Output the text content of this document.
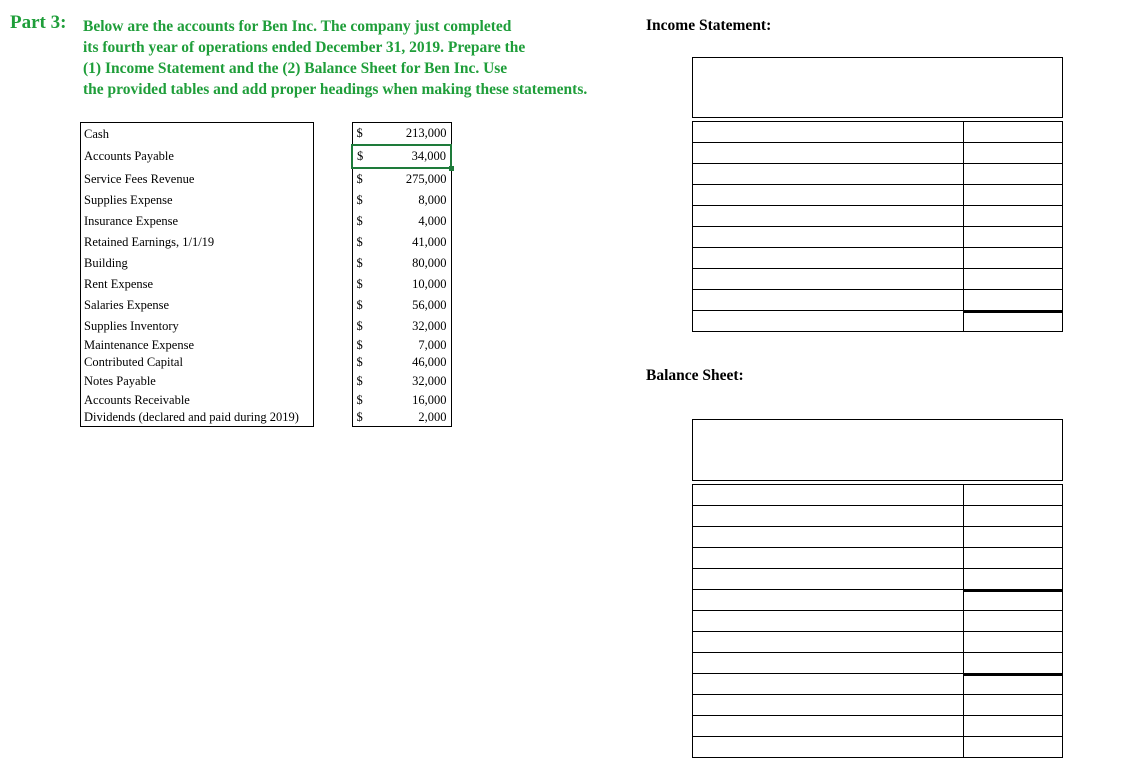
Part 3: Below are the accounts for Ben Inc. The company just completed
its fourth year of operations ended December 31, 2019. Prepare the
(1) Income Statement and the (2) Balance Sheet for Ben Inc. Use
the provided tables and add proper headings when making these statements.
Cash		$	213,000
Accounts Payable		$	34,000
Service Fees Revenue		$	275,000
Supplies Expense		$	8,000
Insurance Expense		$	4,000
Retained Earnings, 1/1/19		$	41,000
Building		$	80,000
Rent Expense		$	10,000
Salaries Expense		$	56,000
Supplies Inventory		$	32,000
Maintenance Expense		$	7,000
Contributed Capital		$	46,000
Notes Payable		$	32,000
Accounts Receivable		$	16,000
Dividends (declared and paid during 2019)		$	2,000
Income Statement:
Balance Sheet:
